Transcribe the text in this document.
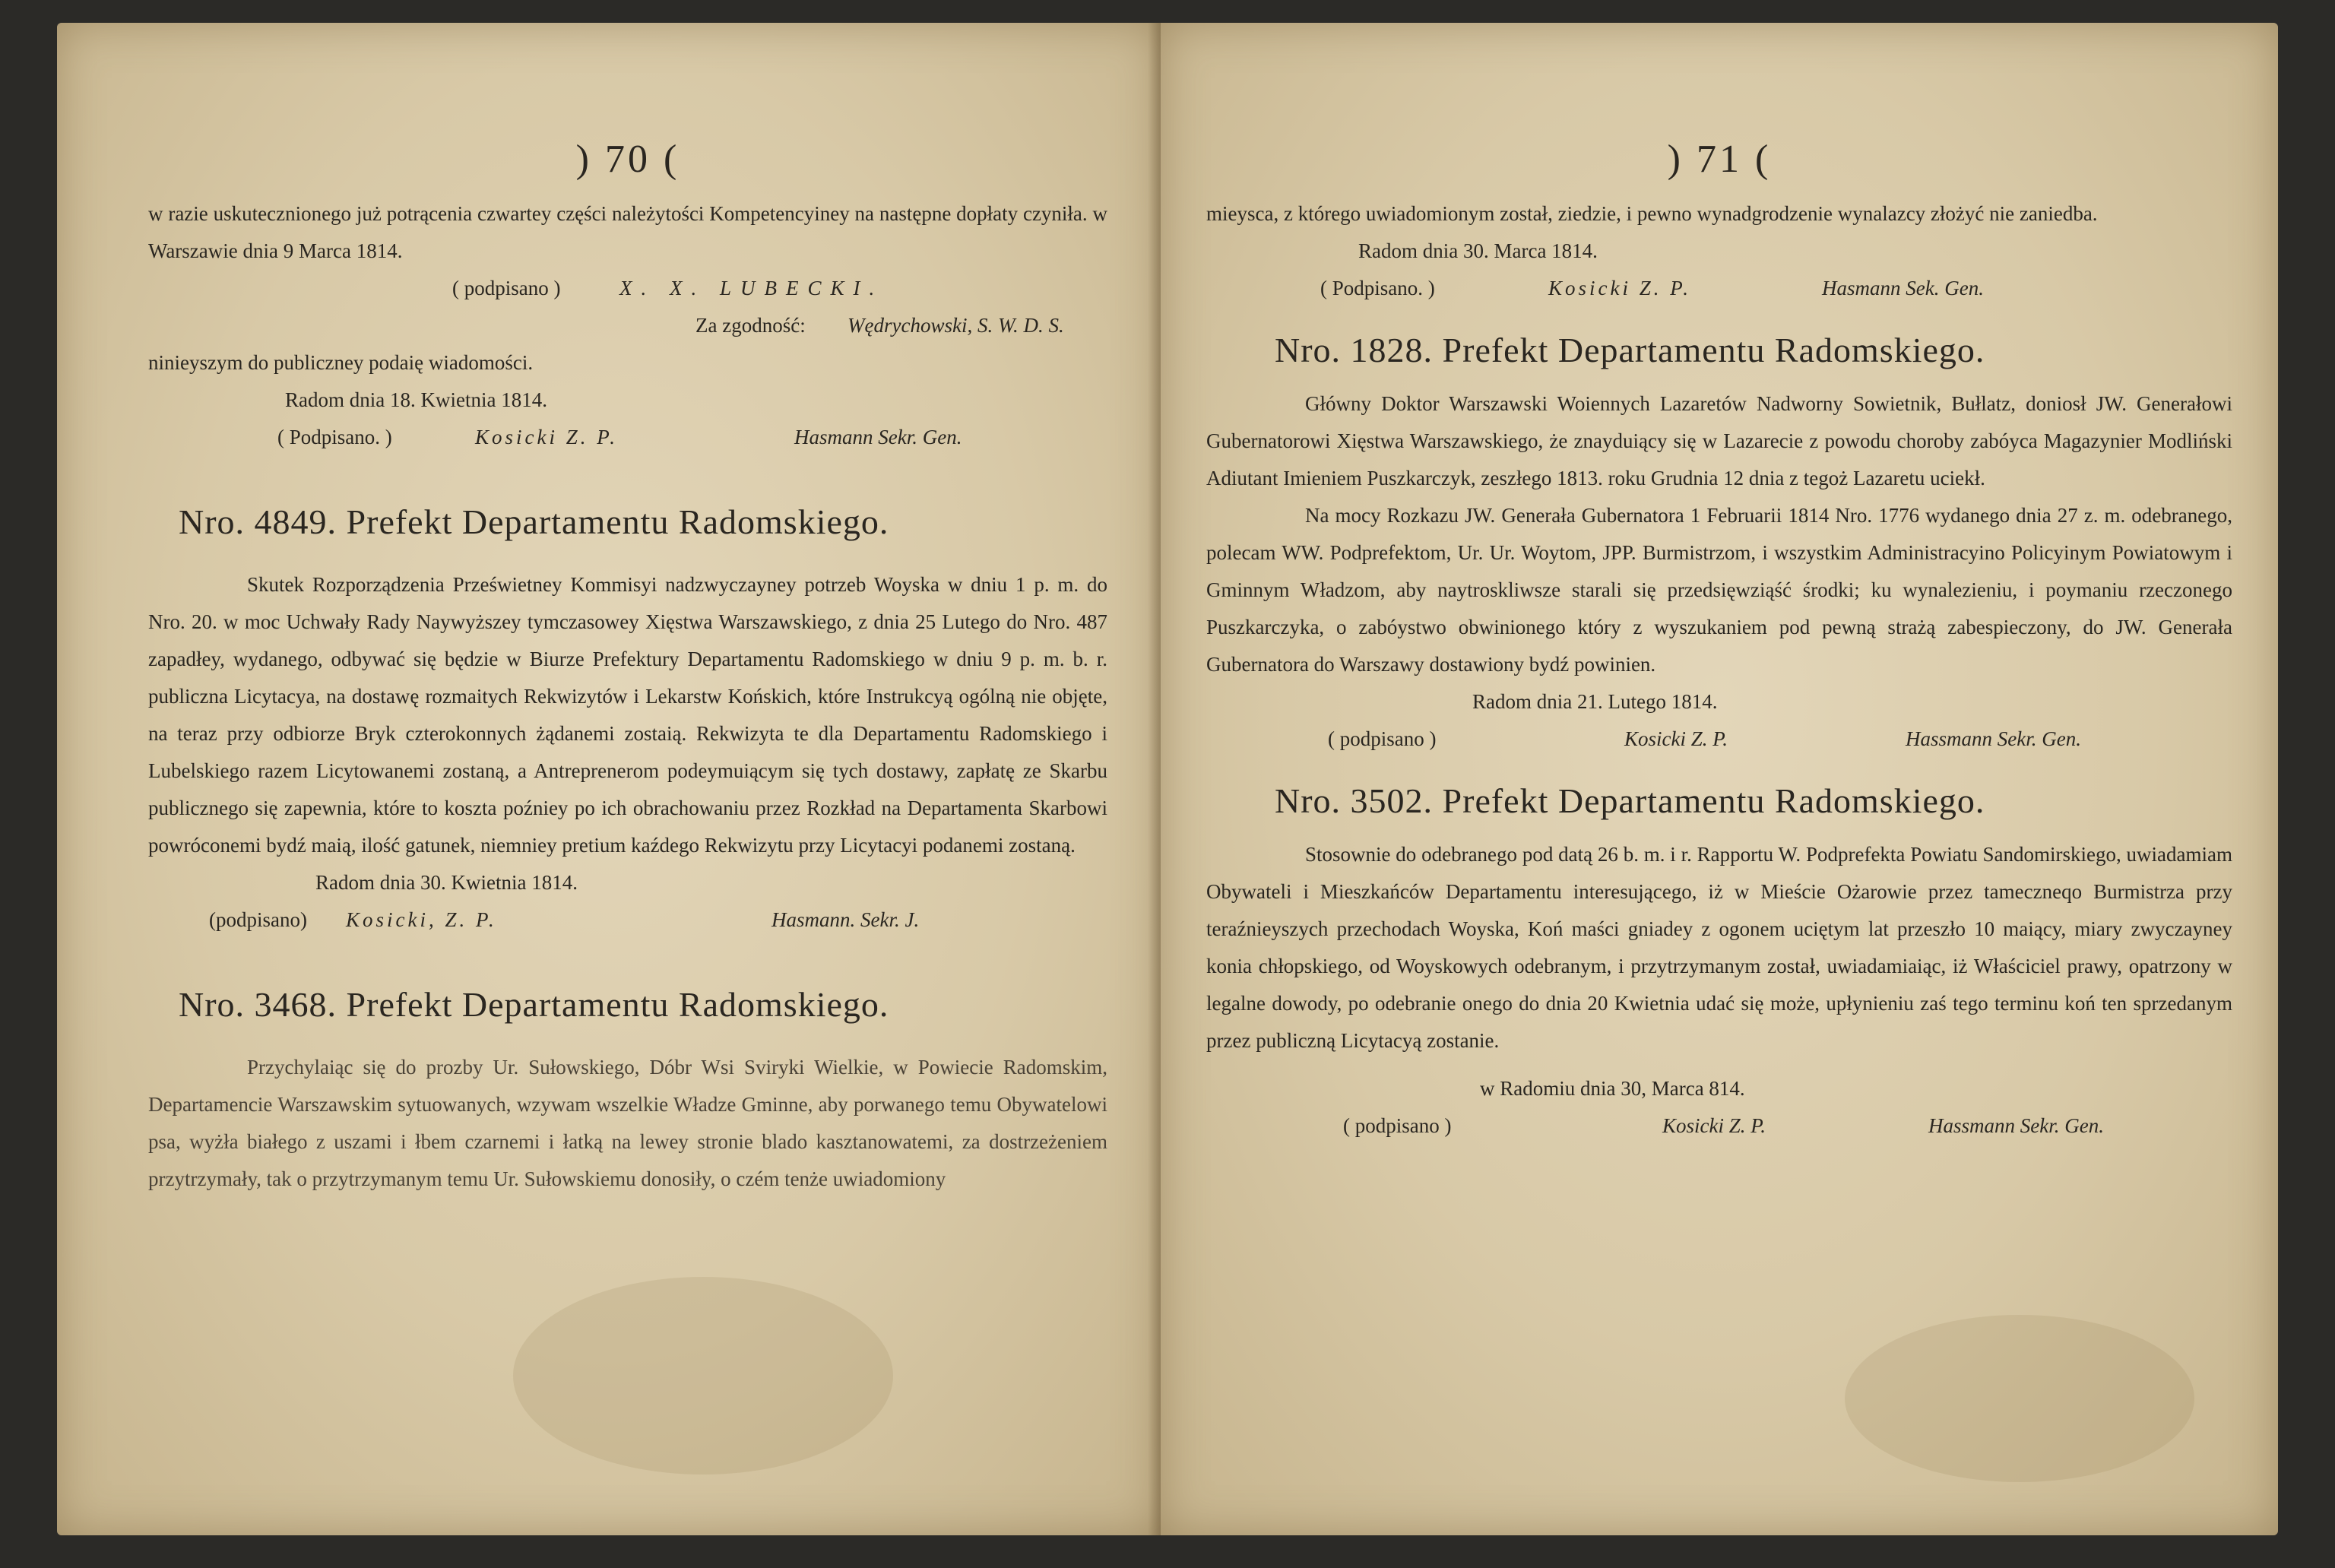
) 70 (

w razie uskutecznionego już potrącenia czwartey części należytości Kompetencyiney na następne dopłaty czyniła. w Warszawie dnia 9 Marca 1814.

( podpisano )	X. X. LUBECKI.
Za zgodność:	Wędrychowski, S. W. D. S.

ninieyszym do publiczney podaię wiadomości.

Radom dnia 18. Kwietnia 1814.
( Podpisano. )	Kosicki Z. P.	Hasmann Sekr. Gen.
Nro. 4849. Prefekt Departamentu Radomskiego.

Skutek Rozporządzenia Prześwietney Kommisyi nadzwyczayney potrzeb Woyska w dniu 1 p. m. do Nro. 20. w moc Uchwały Rady Naywyższey tymczasowey Xięstwa Warszawskiego, z dnia 25 Lutego do Nro. 487 zapadłey, wydanego, odbywać się będzie w Biurze Prefektury Departamentu Radomskiego w dniu 9 p. m. b. r. publiczna Licytacya, na dostawę rozmaitych Rekwizytów i Lekarstw Końskich, które Instrukcyą ogólną nie objęte, na teraz przy odbiorze Bryk czterokonnych żądanemi zostaią. Rekwizyta te dla Departamentu Radomskiego i Lubelskiego razem Licytowanemi zostaną, a Antreprenerom podeymuiącym się tych dostawy, zapłatę ze Skarbu publicznego się zapewnia, które to koszta poźniey po ich obrachowaniu przez Rozkład na Departamenta Skarbowi powróconemi bydź maią, ilość gatunek, niemniey pretium kaźdego Rekwizytu przy Licytacyi podanemi zostaną.

Radom dnia 30. Kwietnia 1814.
(podpisano)	Kosicki, Z. P.	Hasmann. Sekr. J.
Nro. 3468. Prefekt Departamentu Radomskiego.

Przychylaiąc się do prozby Ur. Sułowskiego, Dóbr Wsi Sviryki Wielkie, w Powiecie Radomskim, Departamencie Warszawskim sytuowanych, wzywam wszelkie Władze Gminne, aby porwanego temu Obywatelowi psa, wyżła białego z uszami i łbem czarnemi i łatką na lewey stronie blado kasztanowatemi, za dostrzeżeniem przytrzymały, tak o przytrzymanym temu Ur. Sułowskiemu donosiły, o czém tenże uwiadomiony

) 71 (

mieysca, z którego uwiadomionym został, ziedzie, i pewno wynadgrodzenie wynalazcy złożyć nie zaniedba.

Radom dnia 30. Marca 1814.
( Podpisano. )	Kosicki Z. P.	Hasmann Sek. Gen.
Nro. 1828. Prefekt Departamentu Radomskiego.

Główny Doktor Warszawski Woiennych Lazaretów Nadworny Sowietnik, Bułlatz, doniosł JW. Generałowi Gubernatorowi Xięstwa Warszawskiego, że znayduiący się w Lazarecie z powodu choroby zabóyca Magazynier Modliński Adiutant Imieniem Puszkarczyk, zeszłego 1813. roku Grudnia 12 dnia z tegoż Lazaretu uciekł.

Na mocy Rozkazu JW. Generała Gubernatora 1 Februarii 1814 Nro. 1776 wydanego dnia 27 z. m. odebranego, polecam WW. Podprefektom, Ur. Ur. Woytom, JPP. Burmistrzom, i wszystkim Administracyino Policyinym Powiatowym i Gminnym Władzom, aby naytroskliwsze starali się przedsięwziąść środki; ku wynalezieniu, i poymaniu rzeczonego Puszkarczyka, o zabóystwo obwinionego który z wyszukaniem pod pewną strażą zabespieczony, do JW. Generała Gubernatora do Warszawy dostawiony bydź powinien.

Radom dnia 21. Lutego 1814.
( podpisano )	Kosicki Z. P.	Hassmann Sekr. Gen.
Nro. 3502. Prefekt Departamentu Radomskiego.

Stosownie do odebranego pod datą 26 b. m. i r. Rapportu W. Podprefekta Powiatu Sandomirskiego, uwiadamiam Obywateli i Mieszkańców Departamentu interesującego, iż w Mieście Ożarowie przez tameczneqo Burmistrza przy teraźnieyszych przechodach Woyska, Koń maści gniadey z ogonem uciętym lat przeszło 10 maiący, miary zwyczayney konia chłopskiego, od Woyskowych odebranym, i przytrzymanym został, uwiadamiaiąc, iż Właściciel prawy, opatrzony w legalne dowody, po odebranie onego do dnia 20 Kwietnia udać się może, upłynieniu zaś tego terminu koń ten sprzedanym przez publiczną Licytacyą zostanie.

w Radomiu dnia 30, Marca 814.
( podpisano )	Kosicki Z. P.	Hassmann Sekr. Gen.
